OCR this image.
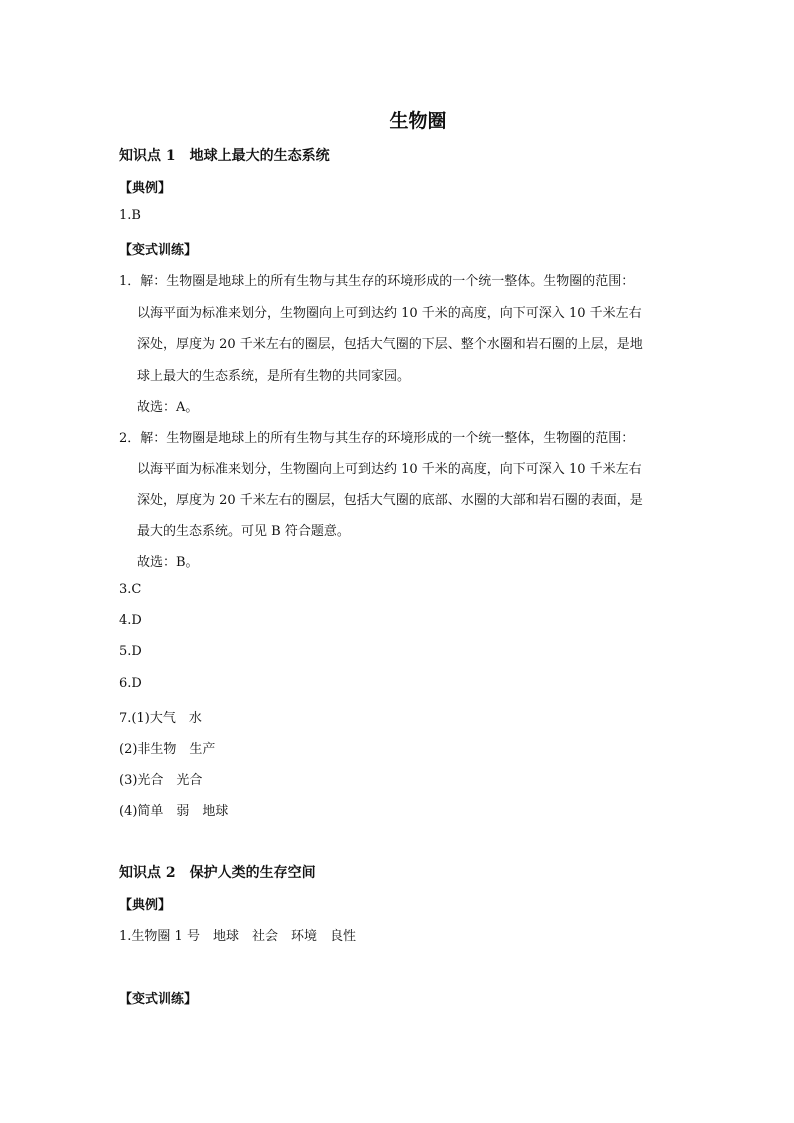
生物圈
知识点 1　地球上最大的生态系统
【典例】
1.B
【变式训练】
1．解：生物圈是地球上的所有生物与其生存的环境形成的一个统一整体。生物圈的范围：
以海平面为标准来划分，生物圈向上可到达约 10 千米的高度，向下可深入 10 千米左右
深处，厚度为 20 千米左右的圈层，包括大气圈的下层、整个水圈和岩石圈的上层，是地
球上最大的生态系统，是所有生物的共同家园。
故选：A。
2．解：生物圈是地球上的所有生物与其生存的环境形成的一个统一整体，生物圈的范围：
以海平面为标准来划分，生物圈向上可到达约 10 千米的高度，向下可深入 10 千米左右
深处，厚度为 20 千米左右的圈层，包括大气圈的底部、水圈的大部和岩石圈的表面，是
最大的生态系统。可见 B 符合题意。
故选：B。
3.C
4.D
5.D
6.D
7.(1)大气　水
(2)非生物　生产
(3)光合　光合
(4)简单　弱　地球
知识点 2　保护人类的生存空间
【典例】
1.生物圈 1 号　地球　社会　环境　良性
【变式训练】
